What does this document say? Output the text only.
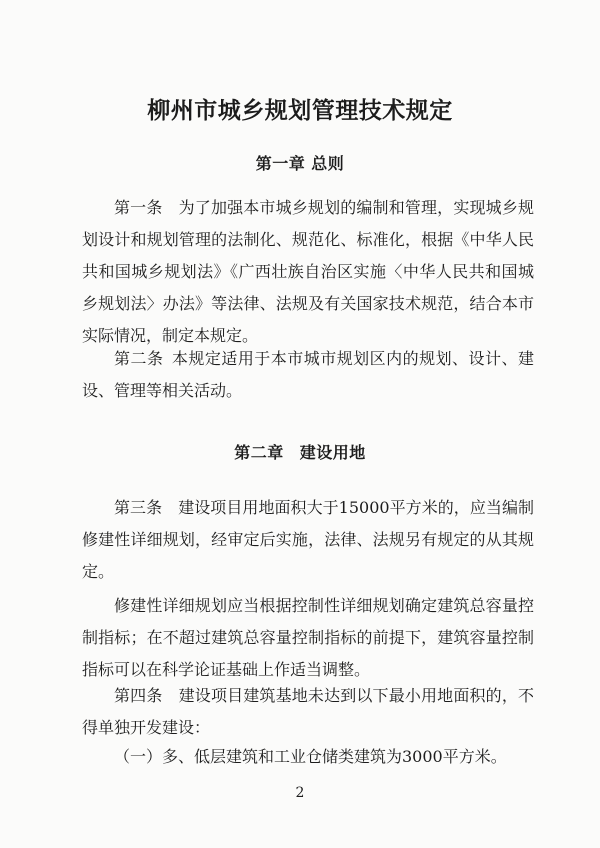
柳州市城乡规划管理技术规定
第一章 总则

第一条  为了加强本市城乡规划的编制和管理，实现城乡规划设计和规划管理的法制化、规范化、标准化，根据《中华人民共和国城乡规划法》《广西壮族自治区实施〈中华人民共和国城乡规划法〉办法》等法律、法规及有关国家技术规范，结合本市实际情况，制定本规定。

第二条  本规定适用于本市城市规划区内的规划、设计、建设、管理等相关活动。

第二章 建设用地

第三条  建设项目用地面积大于15000平方米的，应当编制修建性详细规划，经审定后实施，法律、法规另有规定的从其规定。

修建性详细规划应当根据控制性详细规划确定建筑总容量控制指标；在不超过建筑总容量控制指标的前提下，建筑容量控制指标可以在科学论证基础上作适当调整。

第四条  建设项目建筑基地未达到以下最小用地面积的，不得单独开发建设：

（一）多、低层建筑和工业仓储类建筑为3000平方米。

2
